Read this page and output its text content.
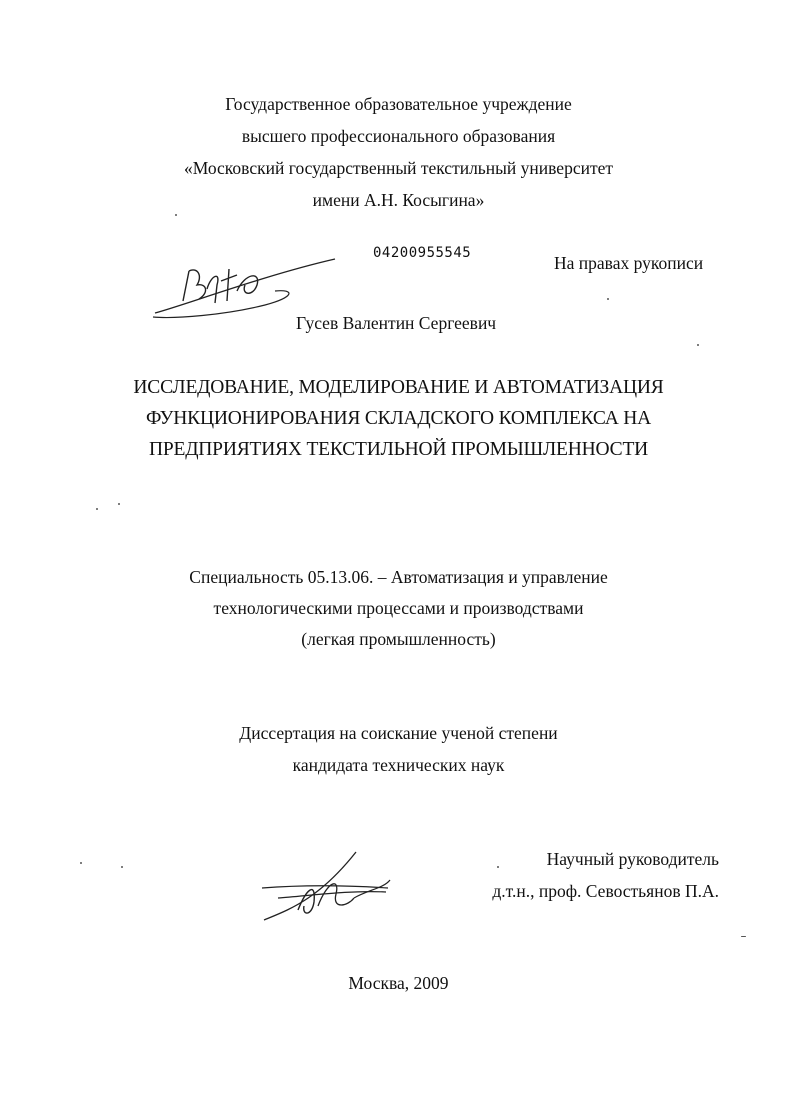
Государственное образовательное учреждение
высшего профессионального образования
«Московский государственный текстильный университет
имени А.Н. Косыгина»
04200955545	На правах рукописи
Гусев Валентин Сергеевич
ИССЛЕДОВАНИЕ, МОДЕЛИРОВАНИЕ И АВТОМАТИЗАЦИЯ
ФУНКЦИОНИРОВАНИЯ СКЛАДСКОГО КОМПЛЕКСА НА
ПРЕДПРИЯТИЯХ ТЕКСТИЛЬНОЙ ПРОМЫШЛЕННОСТИ
Специальность 05.13.06. – Автоматизация и управление
технологическими процессами и производствами
(легкая промышленность)
Диссертация на соискание ученой степени
кандидата технических наук
Научный руководитель
д.т.н., проф. Севостьянов П.А.
Москва, 2009
